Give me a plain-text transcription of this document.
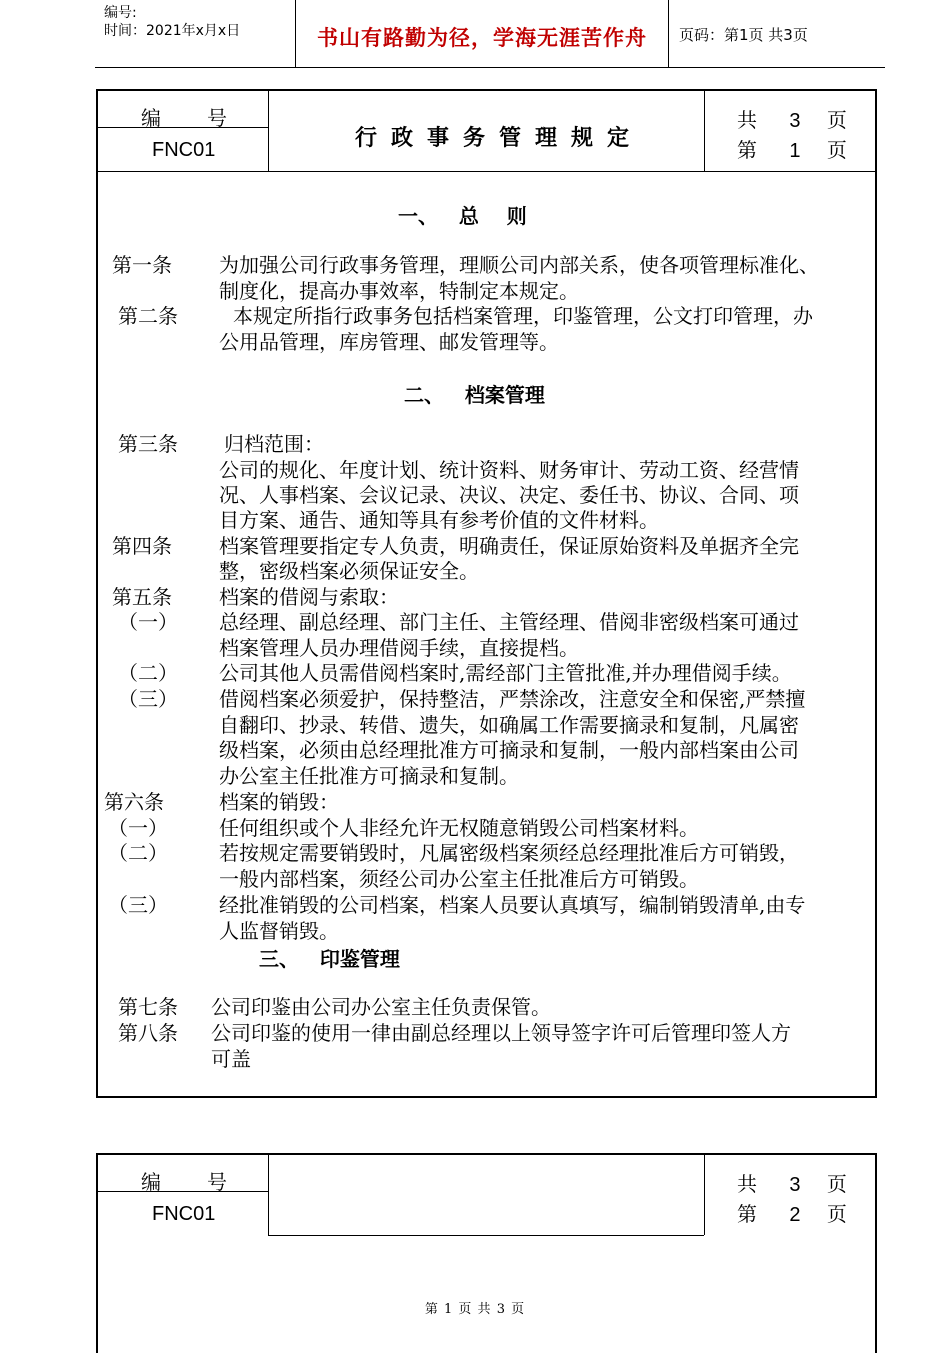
编号:
时间：2021年x月x日	书山有路勤为径，学海无涯苦作舟	页码：第1页 共3页
编号
FNC01	行政事务管理规定
共 3 页
第 1 页
一、   总    则
第一条 为加强公司行政事务管理，理顺公司内部关系，使各项管理标准化、
制度化，提高办事效率，特制定本规定。
第二条	本规定所指行政事务包括档案管理，印鉴管理，公文打印管理，办
公用品管理，库房管理、邮发管理等。
二、   档案管理
第三条 归档范围：
公司的规化、年度计划、统计资料、财务审计、劳动工资、经营情
况、人事档案、会议记录、决议、决定、委任书、协议、合同、项
目方案、通告、通知等具有参考价值的文件材料。
第四条 档案管理要指定专人负责，明确责任，保证原始资料及单据齐全完
整，密级档案必须保证安全。
第五条 档案的借阅与索取：
（一） 总经理、副总经理、部门主任、主管经理、借阅非密级档案可通过
档案管理人员办理借阅手续，直接提档。
（二） 公司其他人员需借阅档案时,需经部门主管批准,并办理借阅手续。
（三） 借阅档案必须爱护，保持整洁，严禁涂改，注意安全和保密,严禁擅
自翻印、抄录、转借、遗失，如确属工作需要摘录和复制，凡属密
级档案，必须由总经理批准方可摘录和复制，一般内部档案由公司
办公室主任批准方可摘录和复制。
第六条	档案的销毁：
（一）	任何组织或个人非经允许无权随意销毁公司档案材料。
（二）	若按规定需要销毁时，凡属密级档案须经总经理批准后方可销毁，
一般内部档案，须经公司办公室主任批准后方可销毁。
（三）	经批准销毁的公司档案，档案人员要认真填写，编制销毁清单,由专
人监督销毁。
三、   印鉴管理
第七条 公司印鉴由公司办公室主任负责保管。
第八条 公司印鉴的使用一律由副总经理以上领导签字许可后管理印签人方
可盖
编号
FNC01
共 3 页
第 2 页
第 1 页 共 3 页
